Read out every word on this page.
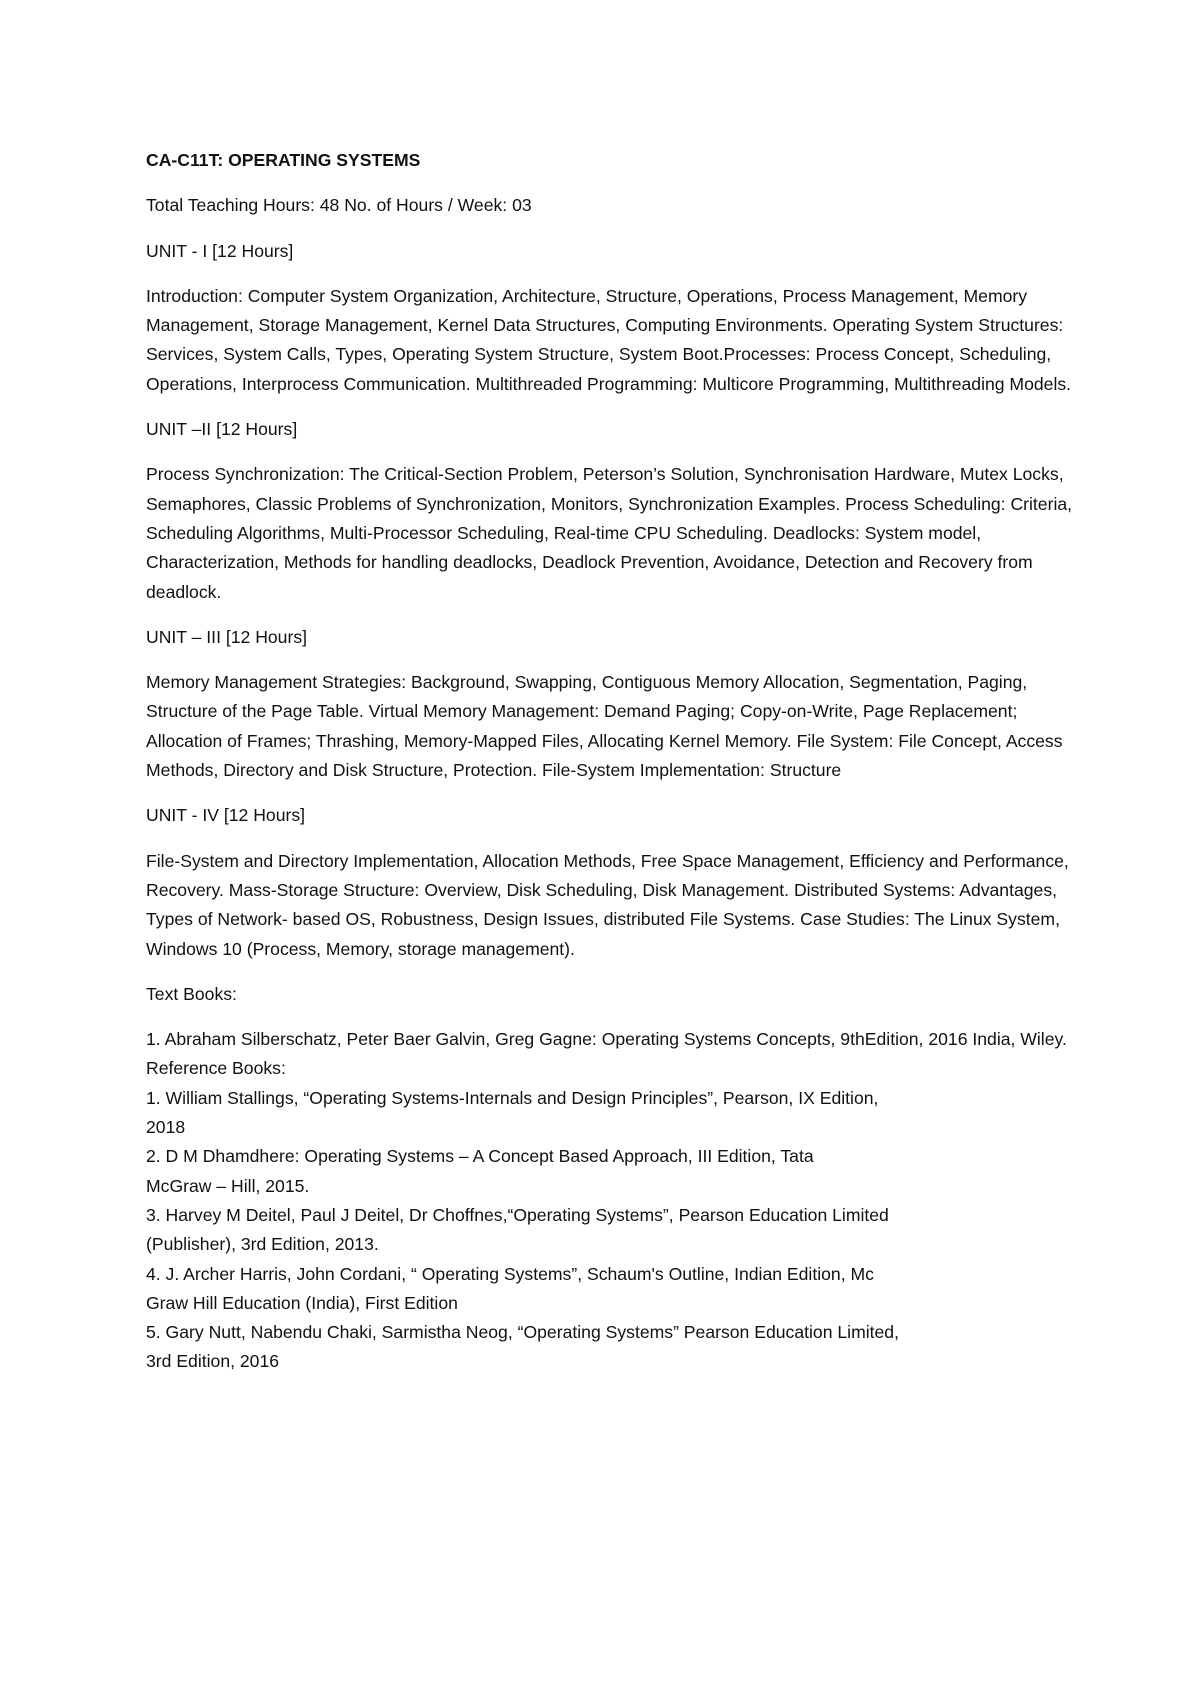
CA-C11T: OPERATING SYSTEMS
Total Teaching Hours: 48 No. of Hours / Week: 03
UNIT - I [12 Hours]
Introduction: Computer System Organization, Architecture, Structure, Operations, Process Management, Memory Management, Storage Management, Kernel Data Structures, Computing Environments. Operating System Structures: Services, System Calls, Types, Operating System Structure, System Boot.Processes: Process Concept, Scheduling, Operations, Interprocess Communication. Multithreaded Programming: Multicore Programming, Multithreading Models.
UNIT –II [12 Hours]
Process Synchronization: The Critical-Section Problem, Peterson’s Solution, Synchronisation Hardware, Mutex Locks, Semaphores, Classic Problems of Synchronization, Monitors, Synchronization Examples. Process Scheduling: Criteria, Scheduling Algorithms, Multi-Processor Scheduling, Real-time CPU Scheduling. Deadlocks: System model, Characterization, Methods for handling deadlocks, Deadlock Prevention, Avoidance, Detection and Recovery from deadlock.
UNIT – III [12 Hours]
Memory Management Strategies: Background, Swapping, Contiguous Memory Allocation, Segmentation, Paging, Structure of the Page Table. Virtual Memory Management: Demand Paging; Copy-on-Write, Page Replacement; Allocation of Frames; Thrashing, Memory-Mapped Files, Allocating Kernel Memory. File System: File Concept, Access Methods, Directory and Disk Structure, Protection. File-System Implementation: Structure
UNIT - IV [12 Hours]
File-System and Directory Implementation, Allocation Methods, Free Space Management, Efficiency and Performance, Recovery. Mass-Storage Structure: Overview, Disk Scheduling, Disk Management. Distributed Systems: Advantages, Types of Network- based OS, Robustness, Design Issues, distributed File Systems. Case Studies: The Linux System, Windows 10 (Process, Memory, storage management).
Text Books:
1. Abraham Silberschatz, Peter Baer Galvin, Greg Gagne: Operating Systems Concepts, 9thEdition, 2016 India, Wiley.
Reference Books:
1. William Stallings, “Operating Systems-Internals and Design Principles”, Pearson, IX Edition,
2018
2. D M Dhamdhere: Operating Systems – A Concept Based Approach, III Edition, Tata
McGraw – Hill, 2015.
3. Harvey M Deitel, Paul J Deitel, Dr Choffnes,“Operating Systems”, Pearson Education Limited
(Publisher), 3rd Edition, 2013.
4. J. Archer Harris, John Cordani, “ Operating Systems”, Schaum's Outline, Indian Edition, Mc
Graw Hill Education (India), First Edition
5. Gary Nutt, Nabendu Chaki, Sarmistha Neog, “Operating Systems” Pearson Education Limited,
3rd Edition, 2016
